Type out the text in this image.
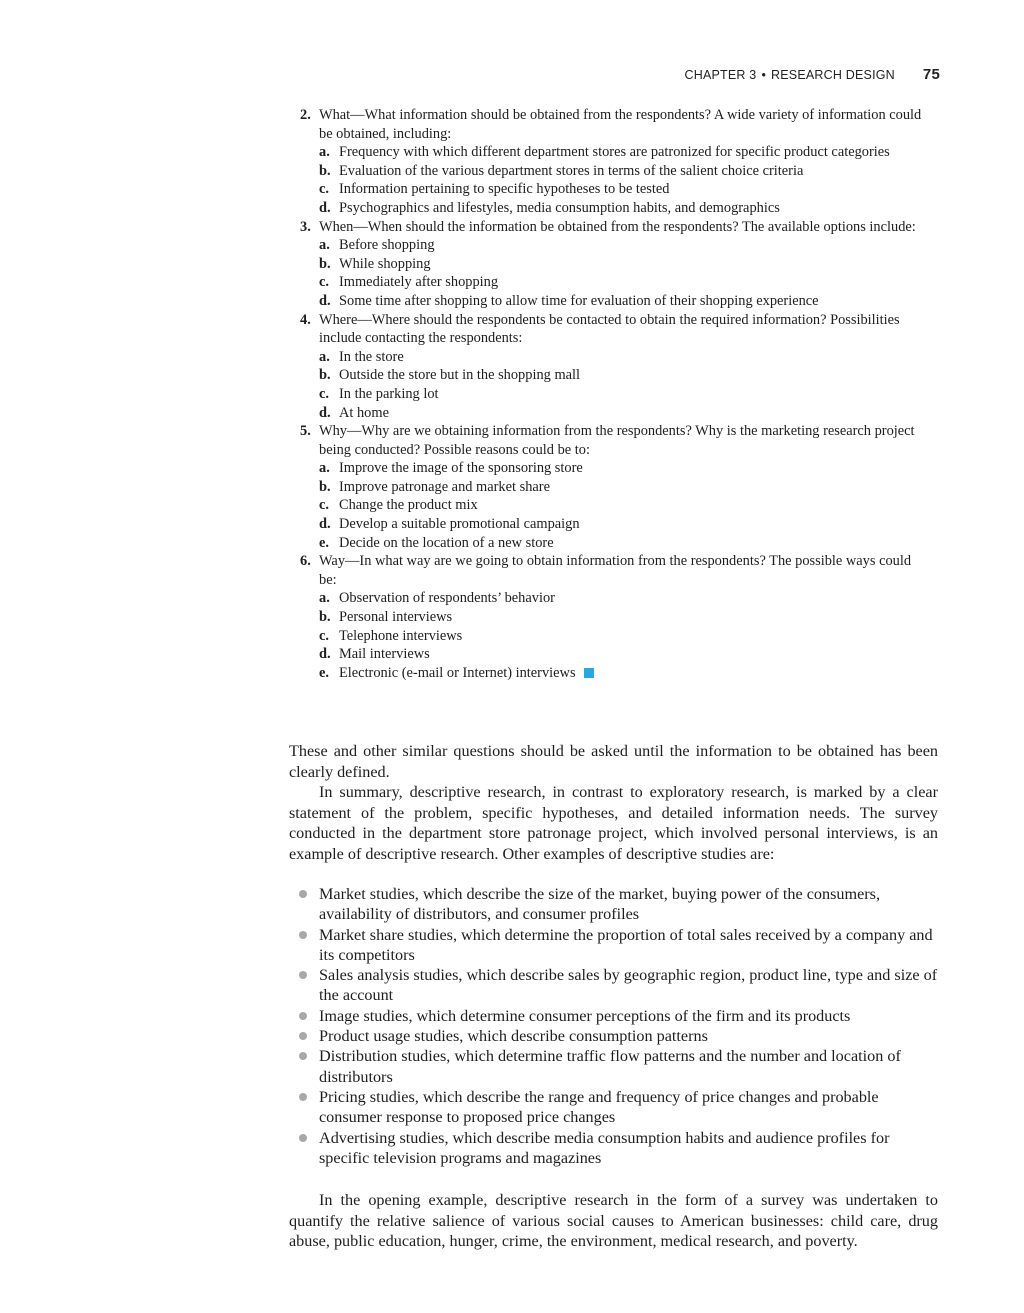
CHAPTER 3 • RESEARCH DESIGN 75
2. What—What information should be obtained from the respondents? A wide variety of information could be obtained, including:
a. Frequency with which different department stores are patronized for specific product categories
b. Evaluation of the various department stores in terms of the salient choice criteria
c. Information pertaining to specific hypotheses to be tested
d. Psychographics and lifestyles, media consumption habits, and demographics
3. When—When should the information be obtained from the respondents? The available options include:
a. Before shopping
b. While shopping
c. Immediately after shopping
d. Some time after shopping to allow time for evaluation of their shopping experience
4. Where—Where should the respondents be contacted to obtain the required information? Possibilities include contacting the respondents:
a. In the store
b. Outside the store but in the shopping mall
c. In the parking lot
d. At home
5. Why—Why are we obtaining information from the respondents? Why is the marketing research project being conducted? Possible reasons could be to:
a. Improve the image of the sponsoring store
b. Improve patronage and market share
c. Change the product mix
d. Develop a suitable promotional campaign
e. Decide on the location of a new store
6. Way—In what way are we going to obtain information from the respondents? The possible ways could be:
a. Observation of respondents’ behavior
b. Personal interviews
c. Telephone interviews
d. Mail interviews
e. Electronic (e-mail or Internet) interviews
These and other similar questions should be asked until the information to be obtained has been clearly defined.
In summary, descriptive research, in contrast to exploratory research, is marked by a clear statement of the problem, specific hypotheses, and detailed information needs. The survey conducted in the department store patronage project, which involved personal interviews, is an example of descriptive research. Other examples of descriptive studies are:
Market studies, which describe the size of the market, buying power of the consumers, availability of distributors, and consumer profiles
Market share studies, which determine the proportion of total sales received by a company and its competitors
Sales analysis studies, which describe sales by geographic region, product line, type and size of the account
Image studies, which determine consumer perceptions of the firm and its products
Product usage studies, which describe consumption patterns
Distribution studies, which determine traffic flow patterns and the number and location of distributors
Pricing studies, which describe the range and frequency of price changes and probable consumer response to proposed price changes
Advertising studies, which describe media consumption habits and audience profiles for specific television programs and magazines
In the opening example, descriptive research in the form of a survey was undertaken to quantify the relative salience of various social causes to American businesses: child care, drug abuse, public education, hunger, crime, the environment, medical research, and poverty.
